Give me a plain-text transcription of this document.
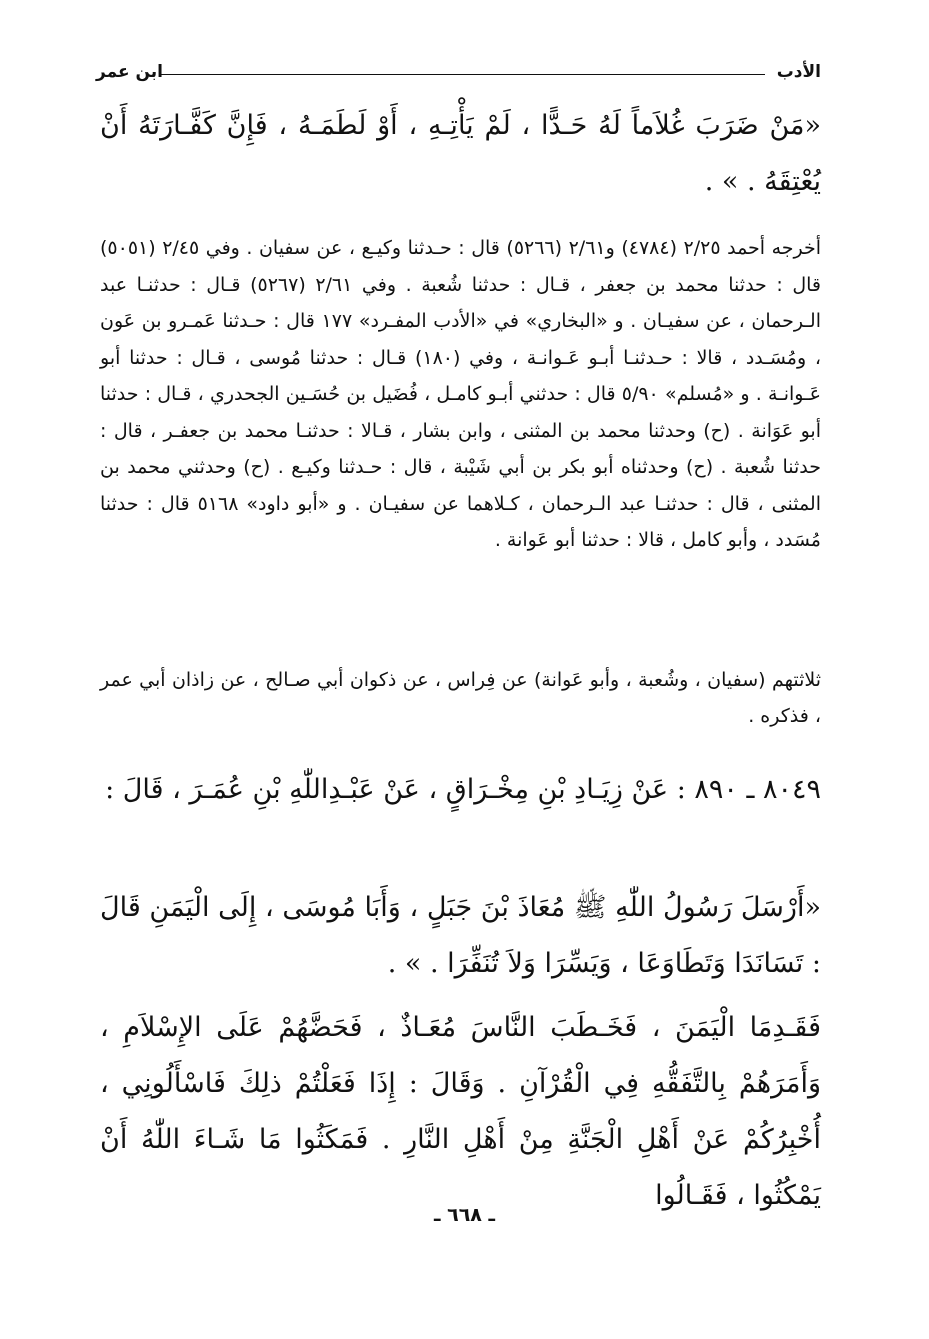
الأدب
ابن عمر
«مَنْ ضَرَبَ غُلاَماً لَهُ حَـدًّا ، لَمْ يَأْتِـهِ ، أَوْ لَطَمَـهُ ، فَإِنَّ كَفَّـارَتَهُ أَنْ يُعْتِقَهُ . » .
أخرجه أحمد ٢/٢٥ (٤٧٨٤) و٢/٦١ (٥٢٦٦) قال : حـدثنا وكيـع ، عن سفيان . وفي ٢/٤٥ (٥٠٥١) قال : حدثنا محمد بن جعفر ، قـال : حدثنا شُعبة . وفي ٢/٦١ (٥٢٦٧) قـال : حدثنـا عبد الـرحمان ، عن سفيـان . و «البخاري» في «الأدب المفـرد» ١٧٧ قال : حـدثنا عَمـرو بن عَون ، ومُسَـدد ، قالا : حـدثنـا أبـو عَـوانـة ، وفي (١٨٠) قـال : حدثنا مُوسى ، قـال : حدثنا أبو عَـوانـة . و «مُسلم» ٥/٩٠ قال : حدثني أبـو كامـل ، فُضَيل بن حُسَـين الجحدري ، قـال : حدثنا أبو عَوَانة . (ح) وحدثنا محمد بن المثنى ، وابن بشار ، قـالا : حدثنـا محمد بن جعفـر ، قال : حدثنا شُعبة . (ح) وحدثناه أبو بكر بن أبي شَيْبة ، قال : حـدثنا وكيـع . (ح) وحدثني محمد بن المثنى ، قال : حدثنـا عبد الـرحمان ، كـلاهما عن سفيـان . و «أبو داود» ٥١٦٨ قال : حدثنا مُسَدد ، وأبو كامل ، قالا : حدثنا أبو عَوانة .
ثلاثتهم (سفيان ، وشُعبة ، وأبو عَوانة) عن فِراس ، عن ذكوان أبي صـالح ، عن زاذان أبي عمر ، فذكره .
٨٠٤٩ ـ ٨٩٠ : عَنْ زِيَـادِ بْنِ مِخْـرَاقٍ ، عَنْ عَبْـدِاللّٰهِ بْنِ عُمَـرَ ، قَالَ :
«أَرْسَلَ رَسُولُ اللّٰهِ ﷺ مُعَاذَ بْنَ جَبَلٍ ، وَأَبَا مُوسَى ، إِلَى الْيَمَنِ قَالَ : تَسَانَدَا وَتَطَاوَعَا ، وَيَسِّرَا وَلاَ تُنَفِّرَا . » .
فَقَـدِمَا الْيَمَنَ ، فَخَـطَبَ النَّاسَ مُعَـاذٌ ، فَحَضَّهُمْ عَلَى الإِسْلاَمِ ، وَأَمَرَهُمْ بِالتَّفَقُّهِ فِي الْقُرْآنِ . وَقَالَ : إِذَا فَعَلْتُمْ ذلِكَ فَاسْأَلُونِي ، أُخْبِرُكُمْ عَنْ أَهْلِ الْجَنَّةِ مِنْ أَهْلِ النَّارِ . فَمَكَثُوا مَا شَـاءَ اللّٰهُ أَنْ يَمْكُثُوا ، فَقَـالُوا
ـ ٦٦٨ ـ
